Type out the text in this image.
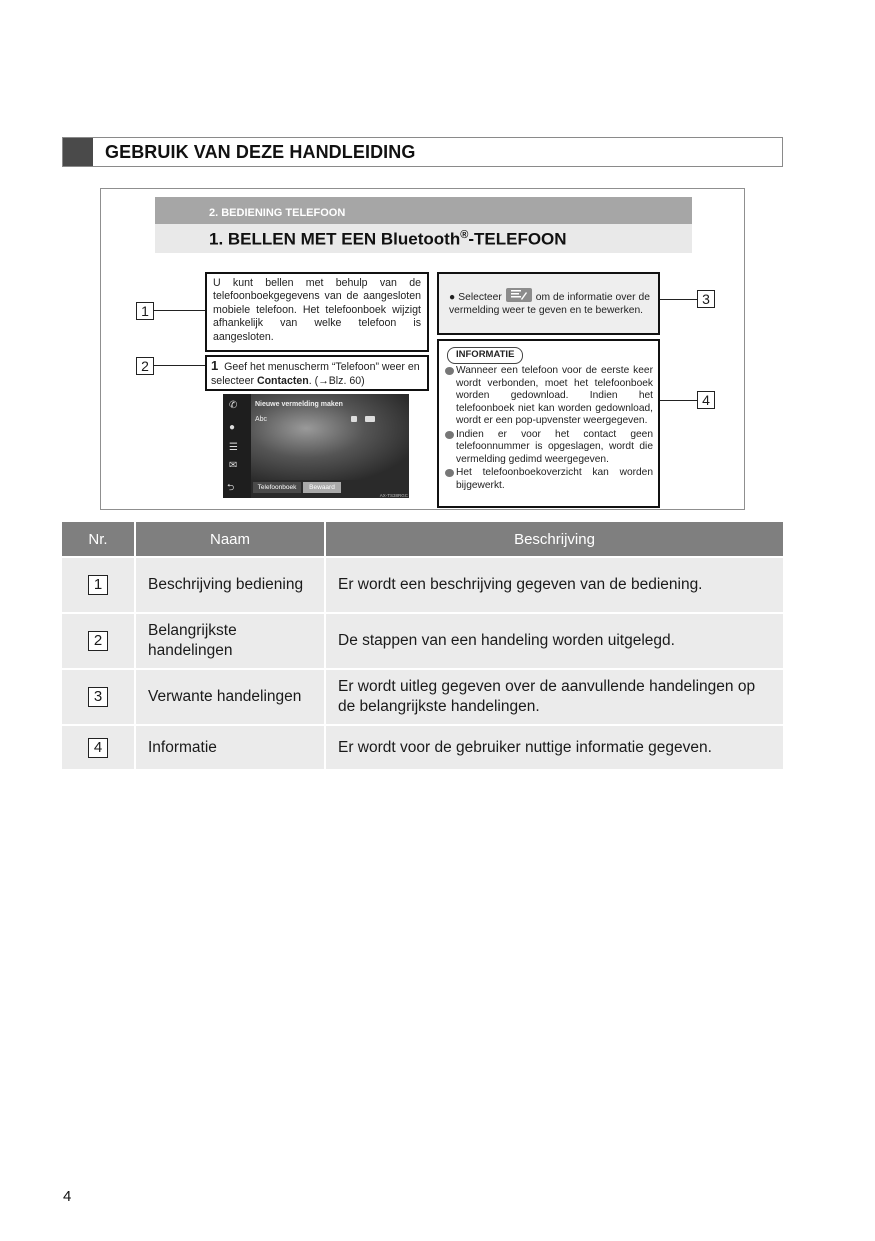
GEBRUIK VAN DEZE HANDLEIDING
2. BEDIENING TELEFOON
1. BELLEN MET EEN Bluetooth®-TELEFOON
1
U kunt bellen met behulp van de telefoonboekgegevens van de aangesloten mobiele telefoon. Het telefoonboek wijzigt afhankelijk van welke telefoon is aangesloten.
2	1 Geef het menuscherm “Telefoon” weer en selecteer Contacten. (→Blz. 60)
✆
●
☰
✉
Nieuwe vermelding maken
Abc
⮌	Telefoonboek	Bewaard
AX-TS38RGC
● Selecteer	om de informatie over de vermelding weer te geven en te bewerken.
3
INFORMATIE
Wanneer een telefoon voor de eerste keer wordt verbonden, moet het telefoonboek worden gedownload. Indien het telefoonboek niet kan worden gedownload, wordt er een pop-upvenster weergegeven.
Indien er voor het contact geen telefoonnummer is opgeslagen, wordt die vermelding gedimd weergegeven.
Het telefoonboekoverzicht kan worden bijgewerkt.
4
Nr.	Naam	Beschrijving
1	Beschrijving bediening	Er wordt een beschrijving gegeven van de bediening.
2	Belangrijkste handelingen	De stappen van een handeling worden uitgelegd.
3	Verwante handelingen	Er wordt uitleg gegeven over de aanvullende handelingen op de belangrijkste handelingen.
4	Informatie	Er wordt voor de gebruiker nuttige informatie gegeven.
4
